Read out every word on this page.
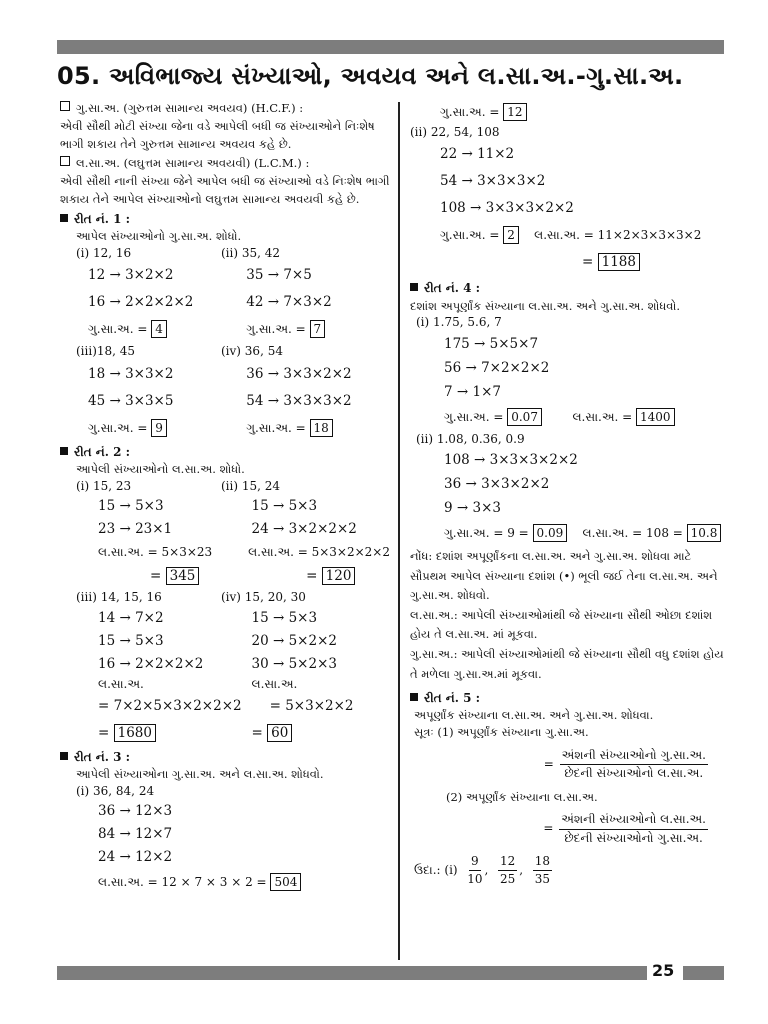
05. અવિભાજ્ય સંખ્યાઓ, અવયવ અને લ.સા.અ.-ગુ.સા.અ.
ગુ.સા.અ. (ગુરુત્તમ સામાન્ય અવયવ) (H.C.F.) :
એવી સૌથી મોટી સંખ્યા જેના વડે આપેલી બધી જ સંખ્યાઓને નિઃશેષ ભાગી શકાય તેને ગુરુત્તમ સામાન્ય અવયવ કહે છે.
લ.સા.અ. (લઘુત્તમ સામાન્ય અવયવી) (L.C.M.) :
એવી સૌથી નાની સંખ્યા જેને આપેલ બધી જ સંખ્યાઓ વડે નિઃશેષ ભાગી શકાય તેને આપેલ સંખ્યાઓનો લઘુત્તમ સામાન્ય અવયવી કહે છે.
રીત નં. 1 :
આપેલ સંખ્યાઓનો ગુ.સા.અ. શોધો.
(i) 12, 16	(ii) 35, 42
12 → 3×2×2	35 → 7×5
16 → 2×2×2×2	42 → 7×3×2
ગુ.સા.અ. = 4	ગુ.સા.અ. = 7
(iii)18, 45	(iv) 36, 54
18 → 3×3×2	36 → 3×3×2×2
45 → 3×3×5	54 → 3×3×3×2
ગુ.સા.અ. = 9	ગુ.સા.અ. = 18
રીત નં. 2 :
આપેલી સંખ્યાઓનો લ.સા.અ. શોધો.
(i) 15, 23	(ii) 15, 24
15 → 5×3	15 → 5×3
23 → 23×1	24 → 3×2×2×2
લ.સા.અ. = 5×3×23	લ.સા.અ. = 5×3×2×2×2
= 345	= 120
(iii) 14, 15, 16	(iv) 15, 20, 30
14 → 7×2	15 → 5×3
15 → 5×3	20 → 5×2×2
16 → 2×2×2×2	30 → 5×2×3
લ.સા.અ.	લ.સા.અ.
= 7×2×5×3×2×2×2	= 5×3×2×2
= 1680	= 60
રીત નં. 3 :
આપેલી સંખ્યાઓના ગુ.સા.અ. અને લ.સા.અ. શોધવો.
(i) 36, 84, 24
36 → 12×3
84 → 12×7
24 → 12×2
લ.સા.અ. = 12 × 7 × 3 × 2 = 504
ગુ.સા.અ. = 12
(ii) 22, 54, 108
22 → 11×2
54 → 3×3×3×2
108 → 3×3×3×2×2
ગુ.સા.અ. = 2 લ.સા.અ. = 11×2×3×3×3×2
= 1188
રીત નં. 4 :
દશાંશ અપૂર્ણાંક સંખ્યાના લ.સા.અ. અને ગુ.સા.અ. શોધવો.
(i) 1.75, 5.6, 7
175 → 5×5×7
56 → 7×2×2×2
7 → 1×7
ગુ.સા.અ. = 0.07	લ.સા.અ. = 1400
(ii) 1.08, 0.36, 0.9
108 → 3×3×3×2×2
36 → 3×3×2×2
9 → 3×3
ગુ.સા.અ. = 9 = 0.09 લ.સા.અ. = 108 = 10.8
નોંધ: દશાંશ અપૂર્ણાંકના લ.સા.અ. અને ગુ.સા.અ. શોધવા માટે સૌપ્રથમ આપેલ સંખ્યાના દશાંશ (•) ભૂલી જઈ તેના લ.સા.અ. અને ગુ.સા.અ. શોધવો.
લ.સા.અ.: આપેલી સંખ્યાઓમાંથી જે સંખ્યાના સૌથી ઓછા દશાંશ હોય તે લ.સા.અ. માં મૂકવા.
ગુ.સા.અ.: આપેલી સંખ્યાઓમાંથી જે સંખ્યાના સૌથી વધુ દશાંશ હોય તે મળેલા ગુ.સા.અ.માં મૂકવા.
રીત નં. 5 :
અપૂર્ણાંક સંખ્યાના લ.સા.અ. અને ગુ.સા.અ. શોધવા.
સૂત્રઃ (1) અપૂર્ણાંક સંખ્યાના ગુ.સા.અ.
= $\frac{\text{અંશની સંખ્યાઓનો ગુ.સા.અ.}}{\text{છેદની સંખ્યાઓનો લ.સા.અ.}}$
(2) અપૂર્ણાંક સંખ્યાના લ.સા.અ.
= $\frac{\text{અંશની સંખ્યાઓનો લ.સા.અ.}}{\text{છેદની સંખ્યાઓનો ગુ.સા.અ.}}$
ઉદા.: (i)
$\frac{9}{10}$ , $\frac{12}{25}$ , $\frac{18}{35}$
25
